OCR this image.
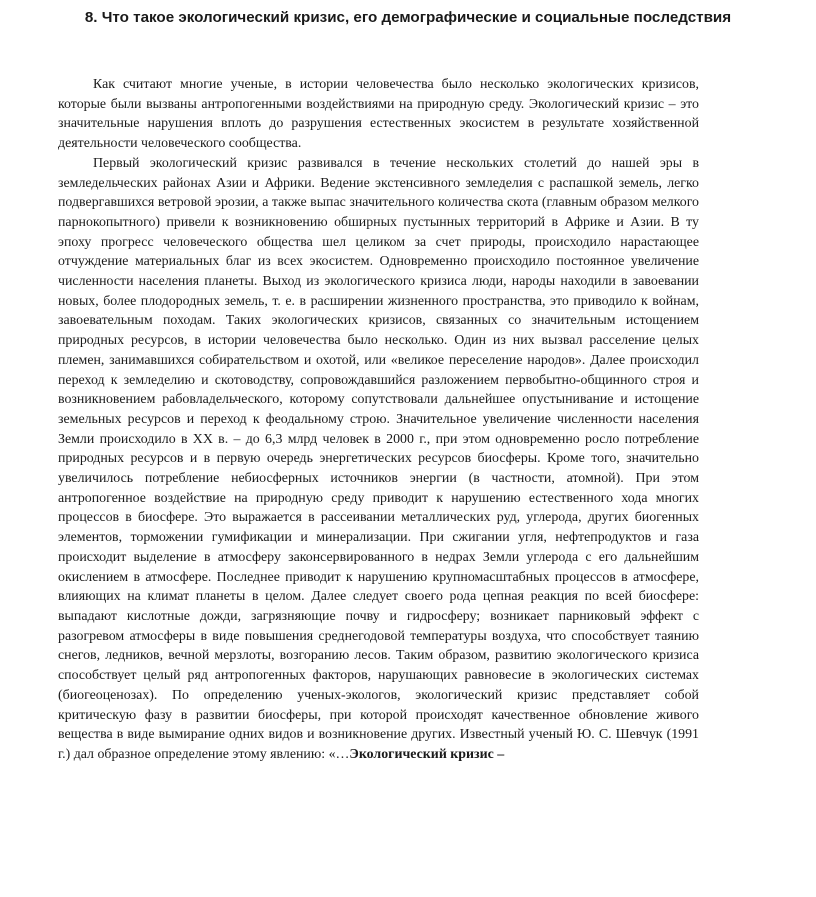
8. Что такое экологический кризис, его демографические и социальные последствия

Как считают многие ученые, в истории человечества было несколько экологических кризисов, которые были вызваны антропогенными воздействиями на природную среду. Экологический кризис – это значительные нарушения вплоть до разрушения естественных экосистем в результате хозяйственной деятельности человеческого сообщества.

Первый экологический кризис развивался в течение нескольких столетий до нашей эры в земледельческих районах Азии и Африки. Ведение экстенсивного земледелия с распашкой земель, легко подвергавшихся ветровой эрозии, а также выпас значительного количества скота (главным образом мелкого парнокопытного) привели к возникновению обширных пустынных территорий в Африке и Азии. В ту эпоху прогресс человеческого общества шел целиком за счет природы, происходило нарастающее отчуждение материальных благ из всех экосистем. Одновременно происходило постоянное увеличение численности населения планеты. Выход из экологического кризиса люди, народы находили в завоевании новых, более плодородных земель, т. е. в расширении жизненного пространства, это приводило к войнам, завоевательным походам. Таких экологических кризисов, связанных со значительным истощением природных ресурсов, в истории человечества было несколько. Один из них вызвал расселение целых племен, занимавшихся собирательством и охотой, или «великое переселение народов». Далее происходил переход к земледелию и скотоводству, сопровождавшийся разложением первобытно-общинного строя и возникновением рабовладельческого, которому сопутствовали дальнейшее опустынивание и истощение земельных ресурсов и переход к феодальному строю. Значительное увеличение численности населения Земли происходило в XX в. – до 6,3 млрд человек в 2000 г., при этом одновременно росло потребление природных ресурсов и в первую очередь энергетических ресурсов биосферы. Кроме того, значительно увеличилось потребление небиосферных источников энергии (в частности, атомной). При этом антропогенное воздействие на природную среду приводит к нарушению естественного хода многих процессов в биосфере. Это выражается в рассеивании металлических руд, углерода, других биогенных элементов, торможении гумификации и минерализации. При сжигании угля, нефтепродуктов и газа происходит выделение в атмосферу законсервированного в недрах Земли углерода с его дальнейшим окислением в атмосфере. Последнее приводит к нарушению крупномасштабных процессов в атмосфере, влияющих на климат планеты в целом. Далее следует своего рода цепная реакция по всей биосфере: выпадают кислотные дожди, загрязняющие почву и гидросферу; возникает парниковый эффект с разогревом атмосферы в виде повышения среднегодовой температуры воздуха, что способствует таянию снегов, ледников, вечной мерзлоты, возгоранию лесов. Таким образом, развитию экологического кризиса способствует целый ряд антропогенных факторов, нарушающих равновесие в экологических системах (биогеоценозах). По определению ученых-экологов, экологический кризис представляет собой критическую фазу в развитии биосферы, при которой происходят качественное обновление живого вещества в виде вымирание одних видов и возникновение других. Известный ученый Ю. С. Шевчук (1991 г.) дал образное определение этому явлению: «…Экологический кризис –
